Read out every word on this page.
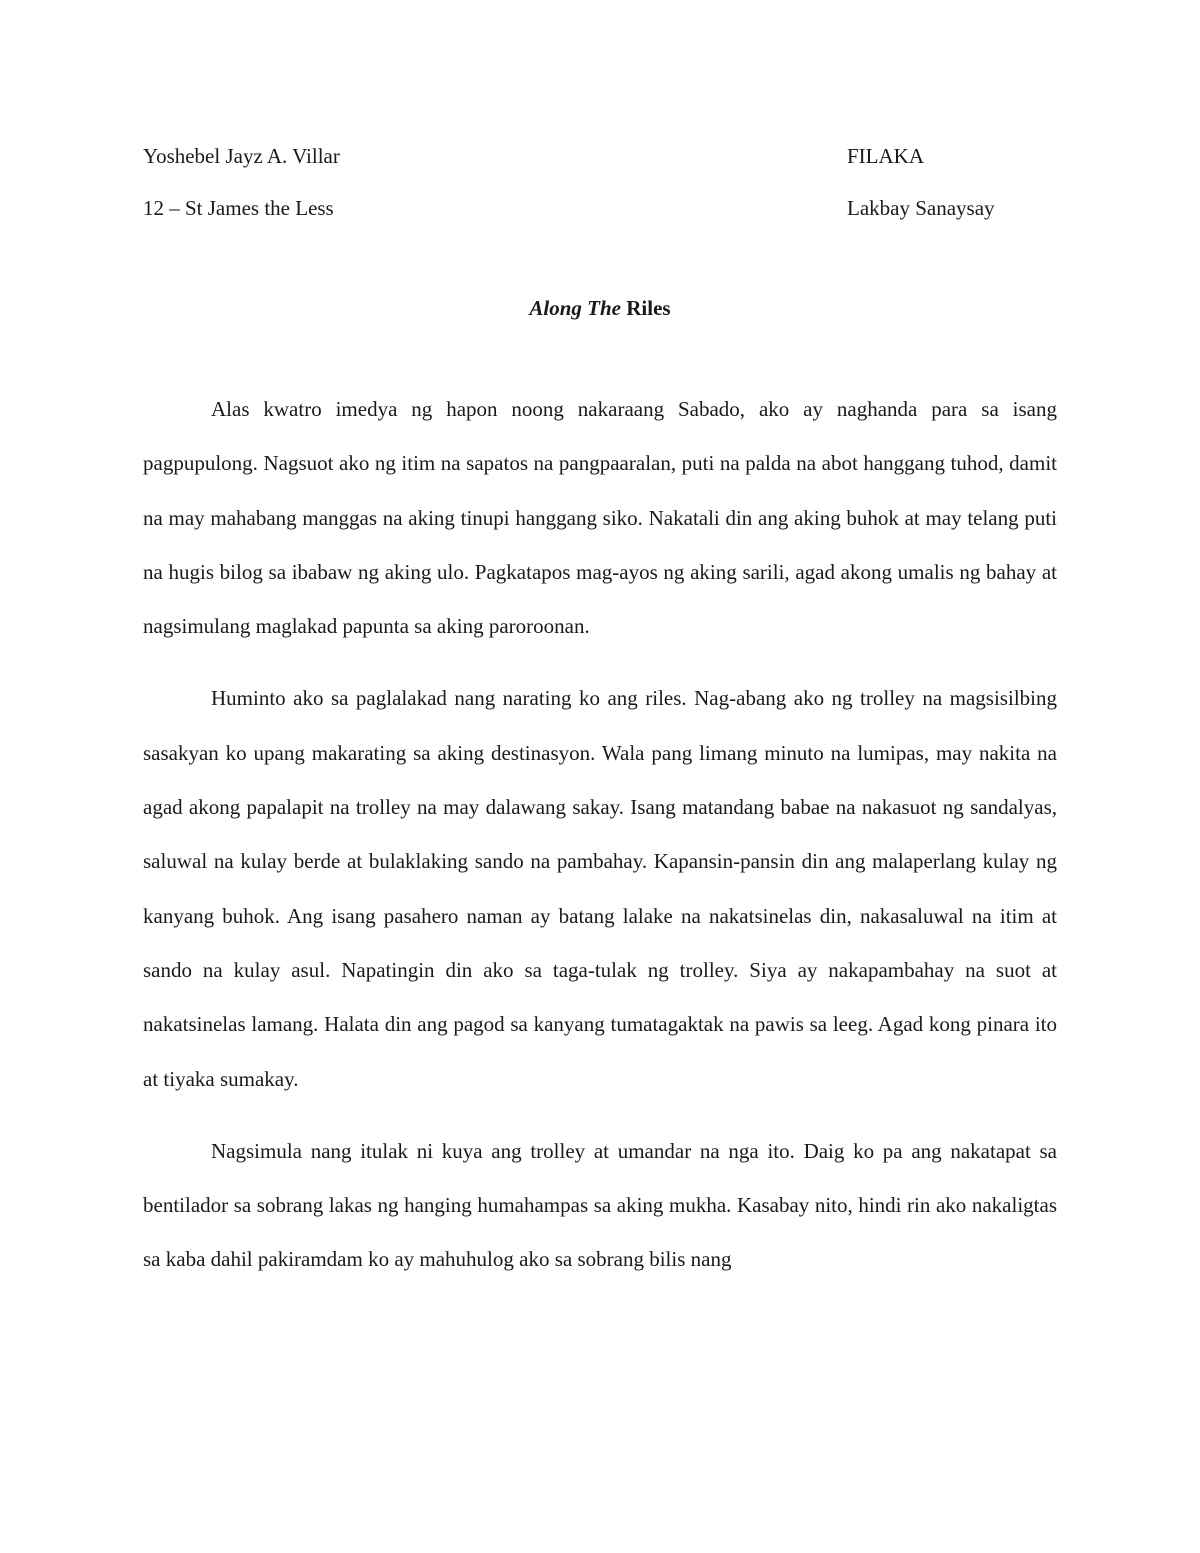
Yoshebel Jayz A. Villar	FILAKA
12 – St James the Less	Lakbay Sanaysay
Along The Riles

Alas kwatro imedya ng hapon noong nakaraang Sabado, ako ay naghanda para sa isang pagpupulong. Nagsuot ako ng itim na sapatos na pangpaaralan, puti na palda na abot hanggang tuhod, damit na may mahabang manggas na aking tinupi hanggang siko. Nakatali din ang aking buhok at may telang puti na hugis bilog sa ibabaw ng aking ulo. Pagkatapos mag-ayos ng aking sarili, agad akong umalis ng bahay at nagsimulang maglakad papunta sa aking paroroonan.

Huminto ako sa paglalakad nang narating ko ang riles. Nag-abang ako ng trolley na magsisilbing sasakyan ko upang makarating sa aking destinasyon. Wala pang limang minuto na lumipas, may nakita na agad akong papalapit na trolley na may dalawang sakay. Isang matandang babae na nakasuot ng sandalyas, saluwal na kulay berde at bulaklaking sando na pambahay. Kapansin-pansin din ang malaperlang kulay ng kanyang buhok. Ang isang pasahero naman ay batang lalake na nakatsinelas din, nakasaluwal na itim at sando na kulay asul. Napatingin din ako sa taga-tulak ng trolley. Siya ay nakapambahay na suot at nakatsinelas lamang. Halata din ang pagod sa kanyang tumatagaktak na pawis sa leeg. Agad kong pinara ito at tiyaka sumakay.

Nagsimula nang itulak ni kuya ang trolley at umandar na nga ito. Daig ko pa ang nakatapat sa bentilador sa sobrang lakas ng hanging humahampas sa aking mukha. Kasabay nito, hindi rin ako nakaligtas sa kaba dahil pakiramdam ko ay mahuhulog ako sa sobrang bilis nang
